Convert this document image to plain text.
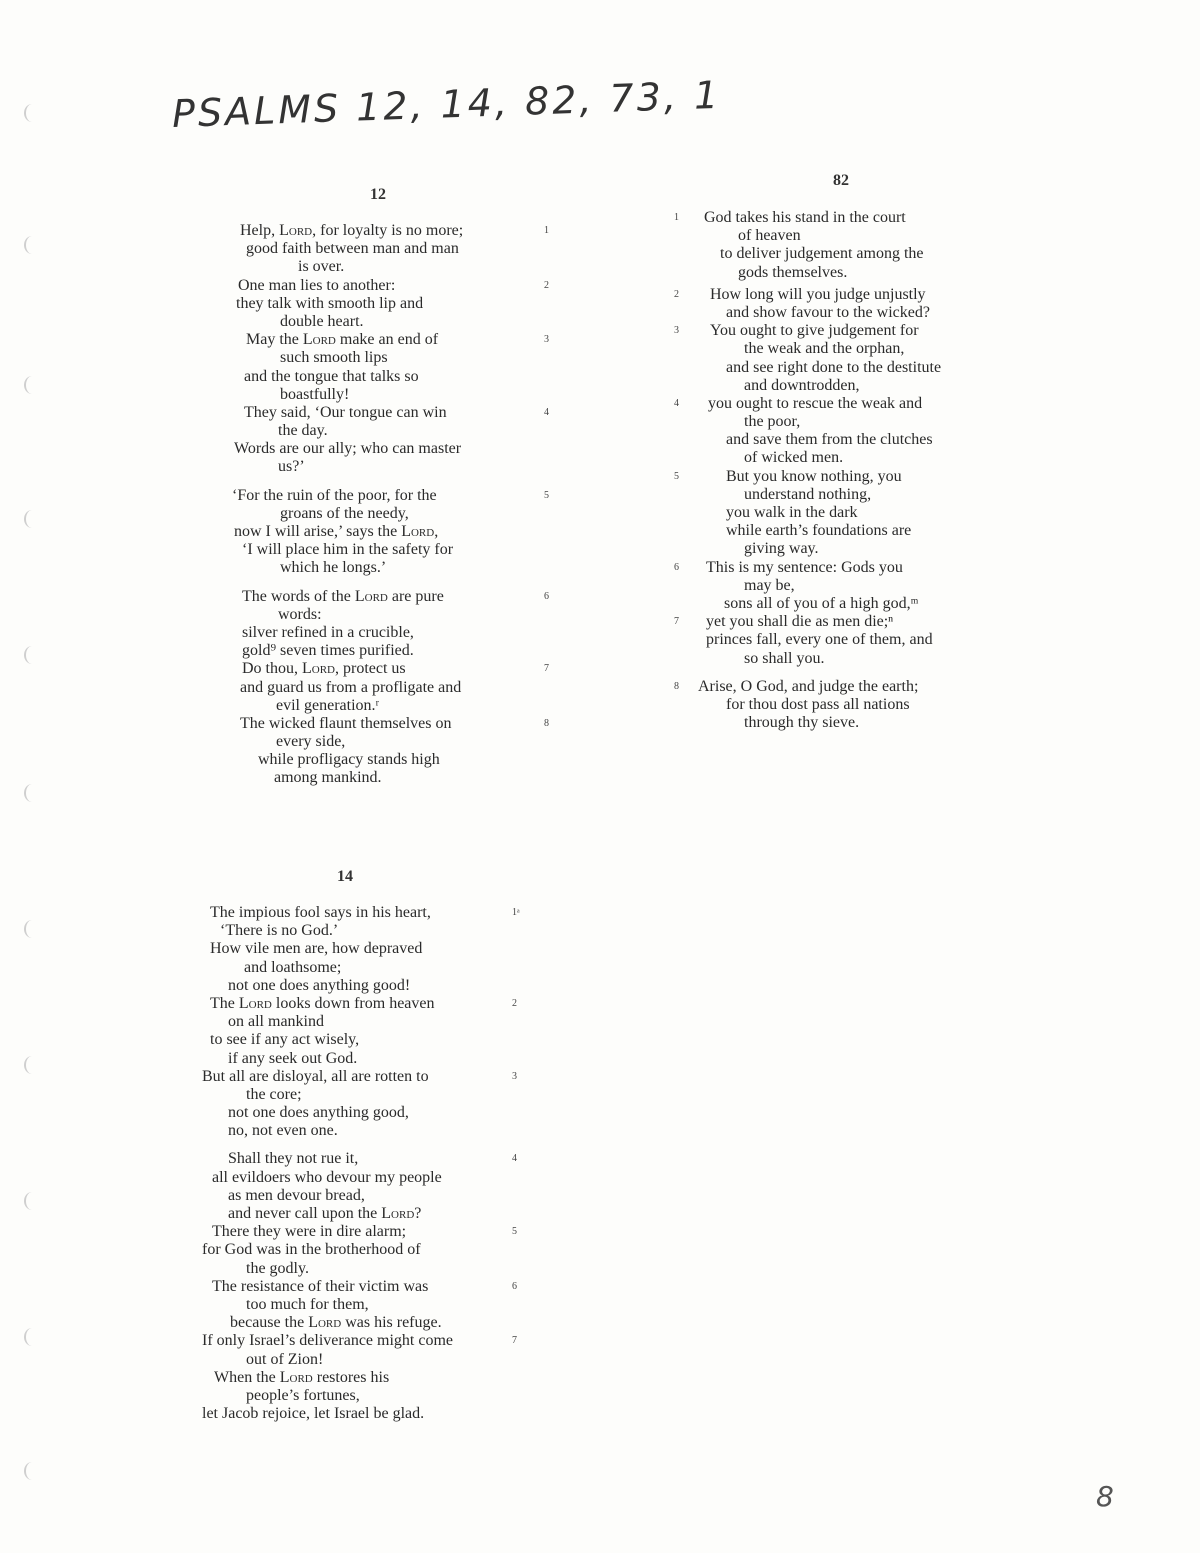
PSALMS 12, 14, 82, 73, 1
12
Help, Lord, for loyalty is no more;	1
good faith between man and man
is over.
One man lies to another:	2
they talk with smooth lip and
double heart.
May the Lord make an end of	3
such smooth lips
and the tongue that talks so
boastfully!
They said, ‘Our tongue can win	4
the day.
Words are our ally; who can master
us?’
‘For the ruin of the poor, for the	5
groans of the needy,
now I will arise,’ says the Lord,
‘I will place him in the safety for
which he longs.’
The words of the Lord are pure	6
words:
silver refined in a crucible,
gold⁹ seven times purified.
Do thou, Lord, protect us	7
and guard us from a profligate and
evil generation.ʳ
The wicked flaunt themselves on	8
every side,
while profligacy stands high
among mankind.
14
The impious fool says in his heart,	1ᵃ
‘There is no God.’
How vile men are, how depraved
and loathsome;
not one does anything good!
The Lord looks down from heaven	2
on all mankind
to see if any act wisely,
if any seek out God.
But all are disloyal, all are rotten to	3
the core;
not one does anything good,
no, not even one.
Shall they not rue it,	4
all evildoers who devour my people
as men devour bread,
and never call upon the Lord?
There they were in dire alarm;	5
for God was in the brotherhood of
the godly.
The resistance of their victim was	6
too much for them,
because the Lord was his refuge.
If only Israel’s deliverance might come	7
out of Zion!
When the Lord restores his
people’s fortunes,
let Jacob rejoice, let Israel be glad.
82
God takes his stand in the court
1
of heaven
to deliver judgement among the
gods themselves.
How long will you judge unjustly
2
and show favour to the wicked?
You ought to give judgement for
3
the weak and the orphan,
and see right done to the destitute
and downtrodden,
you ought to rescue the weak and
4
the poor,
and save them from the clutches
of wicked men.
But you know nothing, you
5
understand nothing,
you walk in the dark
while earth’s foundations are
giving way.
This is my sentence: Gods you
6
may be,
sons all of you of a high god,ᵐ
yet you shall die as men die;ⁿ
7
princes fall, every one of them, and
so shall you.
Arise, O God, and judge the earth;
8
for thou dost pass all nations
through thy sieve.
8
